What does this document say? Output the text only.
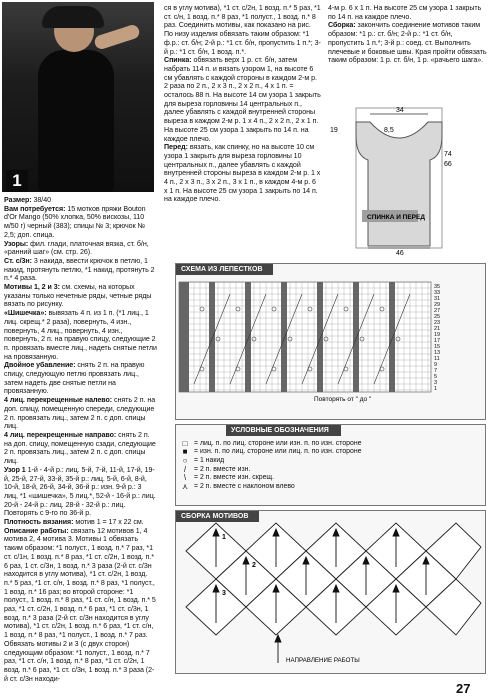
1

Размер: 38/40

Вам потребуется: 15 мотков пряжи Bouton d'Or Mango (50% хлопка, 50% вискозы, 110 м/50 г) черный (383); спицы № 3; крючок № 2,5; доп. спица.

Узоры: фил. глади, платочная вязка, ст. б/н, «ранний шаг» (см. стр. 26).

Ст. с/3н: 3 накида, ввести крючок в петлю, 1 накид, протянуть петлю, *1 накид, протянуть 2 п.* 4 раза.

Мотивы 1, 2 и 3: см. схемы, на которых указаны только нечетные ряды, четные ряды вязать по рисунку.

«Шишечка»: вывязать 4 п. из 1 п. (*1 лиц., 1 лиц. скрещ.* 2 раза), повернуть, 4 изн., повернуть, 4 лиц., повернуть, 4 изн., повернуть, 2 п. на правую спицу, следующие 2 п. провязать вместе лиц., надеть снятые петли на провязанную.

Двойное убавление: снять 2 п. на правую спицу, следующую петлю провязать лиц., затем надеть две снятые петли на провязанную.

4 лиц. перекрещенные налево: снять 2 п. на доп. спицу, помещенную спереди, следующие 2 п. провязать лиц., затем 2 п. с доп. спицы лиц.

4 лиц. перекрещенные направо: снять 2 п. на доп. спицу, помещенную сзади, следующие 2 п. провязать лиц., затем 2 п. с доп. спицы лиц.

Узор 1 1-й - 4-й р.: лиц. 5-й, 7-й, 11-й, 17-й, 19-й, 25-й, 27-й, 33-й, 35-й р.: лиц. 5-й, 6-й, 8-й, 10-й, 18-й, 26-й, 34-й, 36-й р.: изн. 9-й р.: 3 лиц, *1 «шишечка», 5 лиц.*, 52-й - 16-й р.: лиц. 20-й - 24-й р.: лиц. 28-й - 32-й р.: лиц. Повторять с 9-го по 36-й р.

Плотность вязания: мотив 1 = 17 х 22 см.

Описание работы: связать 12 мотивов 1, 4 мотива 2, 4 мотива 3. Мотивы 1 обвязать таким образом: *1 полуст., 1 возд. п.* 7 раз, *1 ст. с/1н, 1 возд. п.* 8 раз, *1 ст. с/2н, 1 возд. п.* 6 раз, 1 ст. с/3н, 1 возд. п.* 3 раза (2-й ст. с/3н находится в углу мотива), *1 ст. с/2н, 1 возд. п.* 5 раз, *1 ст. с/н, 1 возд. п.* 8 раз, *1 полуст., 1 возд. п.* 16 раз; во второй стороне: *1 полуст., 1 возд. п.* 8 раз, *1 ст. с/н, 1 возд. п.* 5 раз, *1 ст. с/2н, 1 возд. п.* 6 раз, *1 ст. с/3н, 1 возд. п.* 3 раза (2-й ст. с/3н находится в углу мотива), *1 ст. с/2н, 1 возд. п.* 6 раз, *1 ст. с/н, 1 возд. п.* 8 раз, *1 полуст., 1 возд. п.* 7 раз. Обвязать мотивы 2 и 3 (с двух сторон) следующим образом: *1 полуст., 1 возд. п.* 7 раз, *1 ст. с/н, 1 возд. п.* 8 раз, *1 ст. с/2н, 1 возд. п.* 6 раз, *1 ст. с/3н, 1 возд. п.* 3 раза (2-й ст. с/3н находи-

ся в углу мотива), *1 ст. с/2н, 1 возд. п.* 5 раз, *1 ст. с/н, 1 возд. п.* 8 раз, *1 полуст., 1 возд. п.* 8 раз. Соединить мотивы, как показано на рис. По низу изделия обвязать таким образом: *1 ф.р.: ст. б/н; 2-й р.: *1 ст. б/н, пропустить 1 п.*; 3-й р.: *1 ст. б/н, 1 возд. п.*.

Спинка: обвязать верх 1 р. ст. б/н, затем набрать 114 п. и вязать узором 1, на высоте 6 см убавлять с каждой стороны в каждом 2-м р. 2 раза по 2 п., 2 х 3 п., 2 х 2 п., 4 х 1 п. = осталось 88 п. На высоте 14 см узора 1 закрыть для выреза горловины 14 центральных п., далее убавлять с каждой внутренней стороны выреза в каждом 2-м р. 1 х 4 п., 2 х 2 п., 2 х 1 п. На высоте 25 см узора 1 закрыть по 14 п. на каждое плечо.

Перед: вязать, как спинку, но на высоте 10 см узора 1 закрыть для выреза горловины 10 центральных п., далее убавлять с каждой внутренней стороны выреза в каждом 2-м р. 1 х 4 п., 2 х 3 п., 3 х 2 п., 3 х 1 п., в каждом 4-м р. 6 х 1 п. На высоте 25 см узора 1 закрыть по 14 п. на каждое плечо.

4-м р. 6 х 1 п. На высоте 25 см узора 1 закрыть по 14 п. на каждое плечо.

Сборка: закончить соединение мотивов таким образом: *1 р.: ст. б/н; 2-й р.: *1 ст. б/н, пропустить 1 п.*; 3-й р.: соед. ст. Выполнить плечевые и боковые швы. Края пройти обвязать таким образом: 1 р. ст. б/н, 1 р. «рачьего шага».

34
19	8,5
74
66
СПИНКА И ПЕРЕД
46
СХЕМА ИЗ ЛЕПЕСТКОВ
35
33
31
29
27
25
23
21
19
17
15
13
11
9
7
5
3
1
Повторять от " до "
УСЛОВНЫЕ ОБОЗНАЧЕНИЯ
□ = лиц. п. по лиц. стороне или изн. п. по изн. стороне
■ = изн. п. по лиц. стороне или лиц. п. по изн. стороне
○ = 1 накид
/	= 2 п. вместе изн.
\	= 2 п. вместе изн. скрещ.
⋏ = 2 п. вместе с наклоном влево
СБОРКА МОТИВОВ
1
2
3
НАПРАВЛЕНИЕ РАБОТЫ
27
